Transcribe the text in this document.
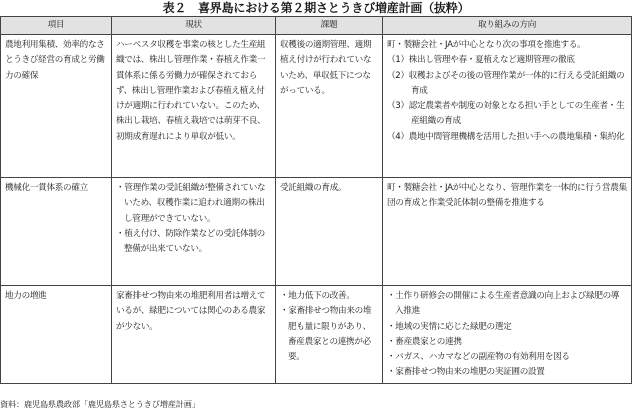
表２　喜界島における第２期さとうきび増産計画（抜粋）
項目	現状	課題	取り組みの方向

農地利用集積、効率的なさとうきび経営の育成と労働力の確保	ハーベスタ収穫を事業の核とした生産組織では、株出し管理作業・春植え作業一貫体系に係る労働力が確保されておらず、株出し管理作業および春植え植え付けが適期に行われていない。このため、株出し栽培、春植え栽培では萌芽不良、初期成育遅れにより単収が低い。	収穫後の適期管理、適期植え付けが行われていないため、単収低下につながっている。	町・製糖会社・JAが中心となり次の事項を推進する。
（1）株出し管理や春・夏植えなど適期管理の徹底
（2）収穫およびその後の管理作業が一体的に行える受託組織の育成
（3）認定農業者や制度の対象となる担い手としての生産者・生産組織の育成
（4）農地中間管理機構を活用した担い手への農地集積・集約化

機械化一貫体系の確立	・管理作業の受託組織が整備されていないため、収穫作業に追われ適期の株出し管理ができていない。
・植え付け、防除作業などの受託体制の整備が出来ていない。	受託組織の育成。	町・製糖会社・JAが中心となり、管理作業を一体的に行う営農集団の育成と作業受託体制の整備を推進する

地力の増進	家畜排せつ物由来の堆肥利用者は増えているが、緑肥については関心のある農家が少ない。	・地力低下の改善。
・家畜排せつ物由来の堆肥も量に限りがあり、畜産農家との連携が必要。	・土作り研修会の開催による生産者意識の向上および緑肥の導入推進
・地域の実情に応じた緑肥の選定
・畜産農家との連携
・バガス、ハカマなどの副産物の有効利用を図る
・家畜排せつ物由来の堆肥の実証圃の設置
資料：鹿児島県農政部「鹿児島県さとうきび増産計画」
